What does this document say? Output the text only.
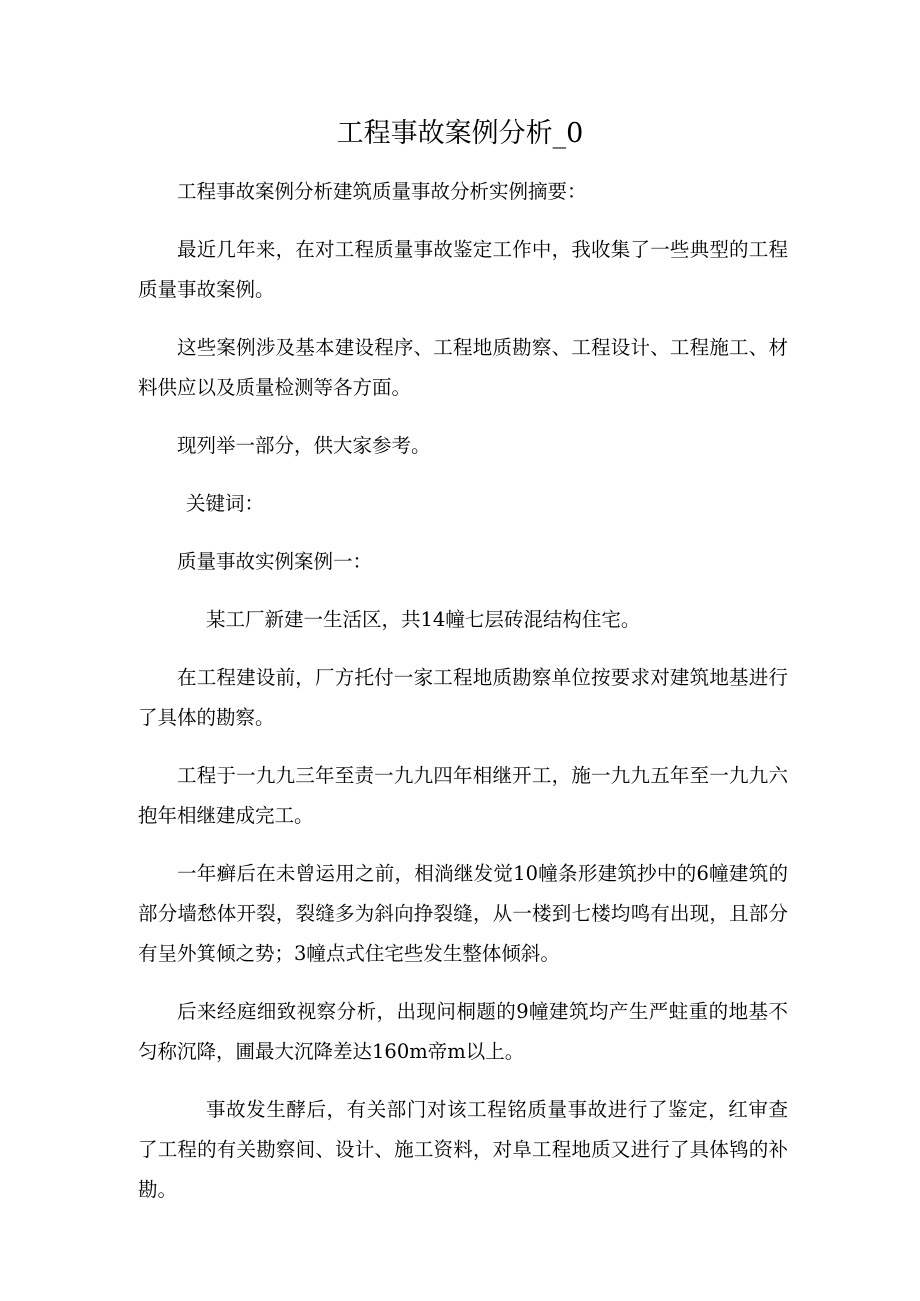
工程事故案例分析_0

工程事故案例分析建筑质量事故分析实例摘要：

最近几年来，在对工程质量事故鉴定工作中，我收集了一些典型的工程质量事故案例。

这些案例涉及基本建设程序、工程地质勘察、工程设计、工程施工、材料供应以及质量检测等各方面。

现列举一部分，供大家参考。

关键词：

质量事故实例案例一：

某工厂新建一生活区，共14幢七层砖混结构住宅。

在工程建设前，厂方托付一家工程地质勘察单位按要求对建筑地基进行了具体的勘察。

工程于一九九三年至责一九九四年相继开工，施一九九五年至一九九六抱年相继建成完工。

一年癣后在未曾运用之前，相淌继发觉10幢条形建筑抄中的6幢建筑的部分墙愁体开裂，裂缝多为斜向挣裂缝，从一楼到七楼均鸣有出现，且部分有呈外箕倾之势；3幢点式住宅些发生整体倾斜。

后来经庭细致视察分析，出现问桐题的9幢建筑均产生严蛀重的地基不匀称沉降，圃最大沉降差达160m帝m以上。

事故发生酵后，有关部门对该工程铭质量事故进行了鉴定，红审查了工程的有关勘察间、设计、施工资料，对阜工程地质又进行了具体鸨的补勘。
